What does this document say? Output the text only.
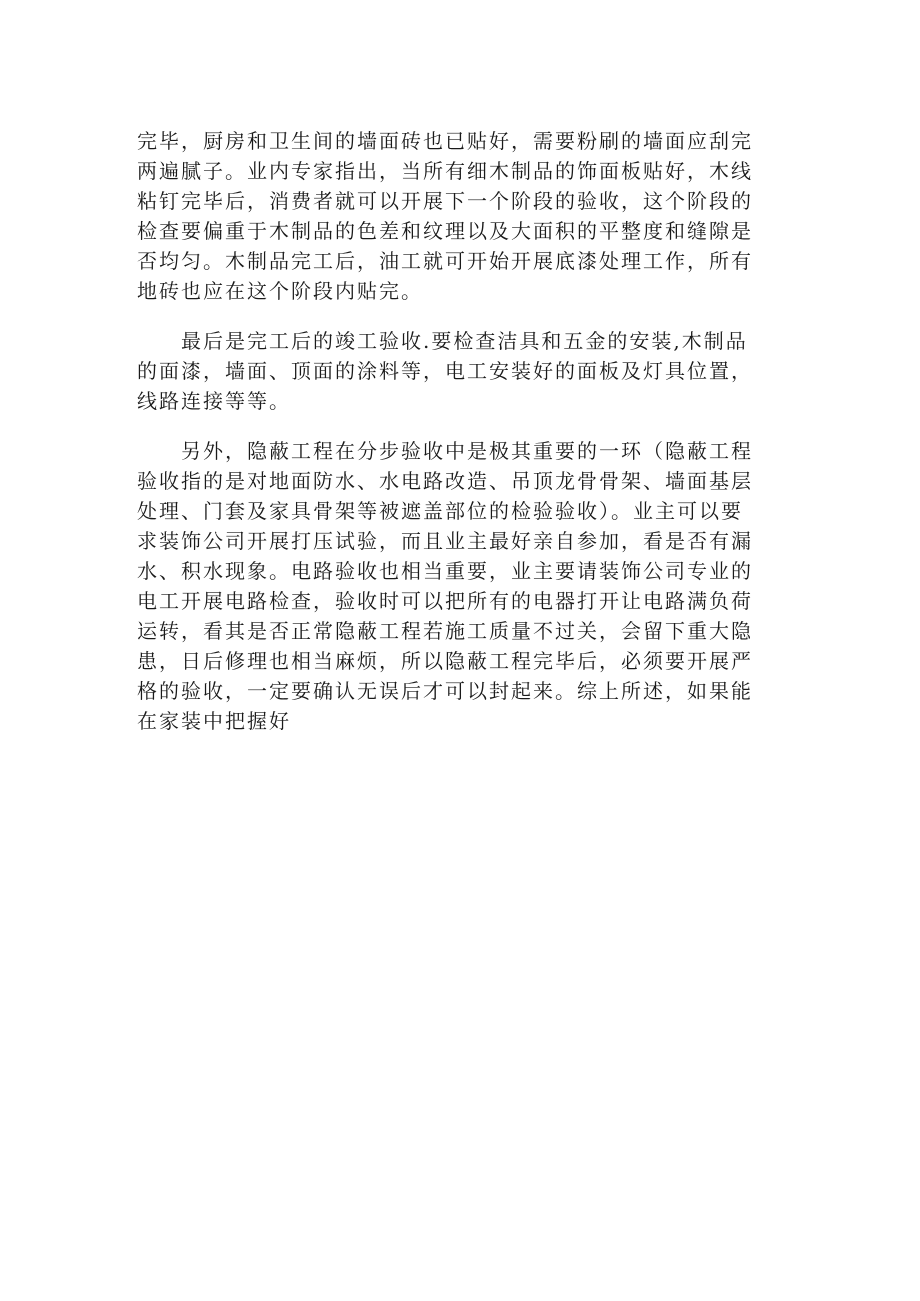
完毕，厨房和卫生间的墙面砖也已贴好，需要粉刷的墙面应刮完
两遍腻子。业内专家指出，当所有细木制品的饰面板贴好，木线
粘钉完毕后，消费者就可以开展下一个阶段的验收，这个阶段的
检查要偏重于木制品的色差和纹理以及大面积的平整度和缝隙是
否均匀。木制品完工后，油工就可开始开展底漆处理工作，所有
地砖也应在这个阶段内贴完。

　　最后是完工后的竣工验收.要检查洁具和五金的安装,木制品
的面漆，墙面、顶面的涂料等，电工安装好的面板及灯具位置，
线路连接等等。

　　另外，隐蔽工程在分步验收中是极其重要的一环（隐蔽工程
验收指的是对地面防水、水电路改造、吊顶龙骨骨架、墙面基层
处理、门套及家具骨架等被遮盖部位的检验验收）。业主可以要
求装饰公司开展打压试验，而且业主最好亲自参加，看是否有漏
水、积水现象。电路验收也相当重要，业主要请装饰公司专业的
电工开展电路检查，验收时可以把所有的电器打开让电路满负荷
运转，看其是否正常隐蔽工程若施工质量不过关，会留下重大隐
患，日后修理也相当麻烦，所以隐蔽工程完毕后，必须要开展严
格的验收，一定要确认无误后才可以封起来。综上所述，如果能
在家装中把握好
